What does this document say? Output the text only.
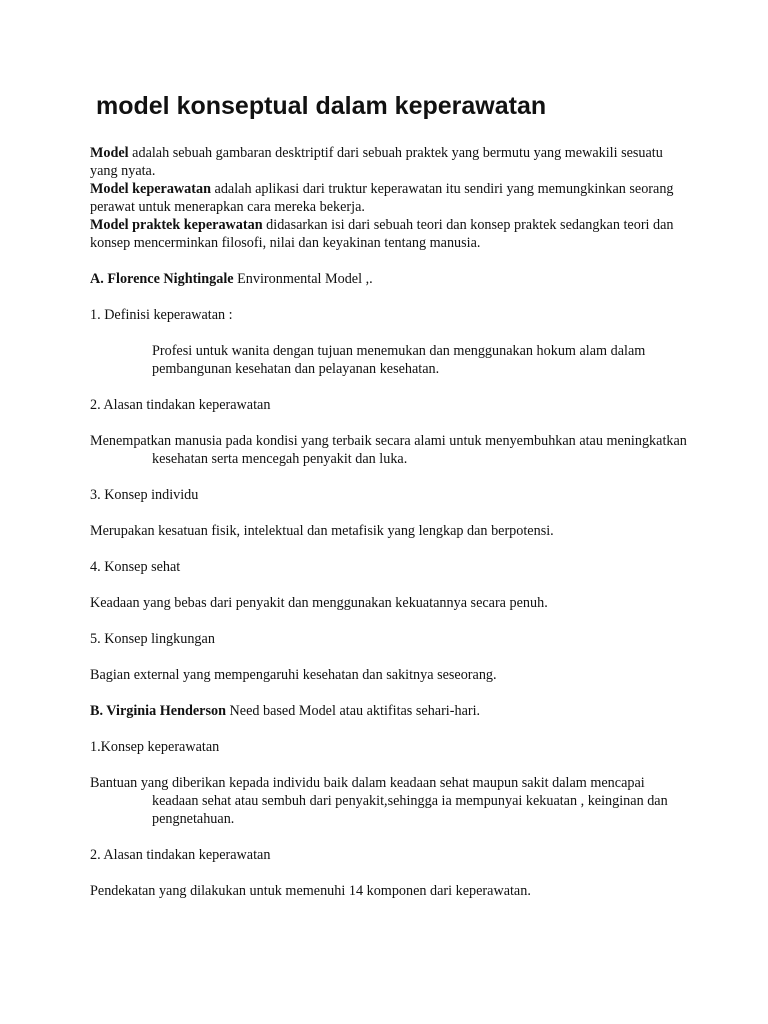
model konseptual dalam keperawatan

Model adalah sebuah gambaran desktriptif dari sebuah praktek yang bermutu yang mewakili sesuatu yang nyata.

Model keperawatan adalah aplikasi dari truktur keperawatan itu sendiri yang memungkinkan seorang perawat untuk menerapkan cara mereka bekerja.

Model praktek keperawatan didasarkan isi dari sebuah teori dan konsep praktek sedangkan teori dan konsep mencerminkan filosofi, nilai dan keyakinan tentang manusia.

A. Florence Nightingale Environmental Model ,.

1. Definisi keperawatan :

Profesi untuk wanita dengan tujuan menemukan dan menggunakan hokum alam dalam pembangunan kesehatan dan pelayanan kesehatan.

2. Alasan tindakan keperawatan

Menempatkan manusia pada kondisi yang terbaik secara alami untuk menyembuhkan atau meningkatkan kesehatan serta mencegah penyakit dan luka.

3. Konsep individu

Merupakan kesatuan fisik, intelektual dan metafisik yang lengkap dan berpotensi.

4. Konsep sehat

Keadaan yang bebas dari penyakit dan menggunakan kekuatannya secara penuh.

5. Konsep lingkungan

Bagian external yang mempengaruhi kesehatan dan sakitnya seseorang.

B. Virginia Henderson Need based Model atau aktifitas sehari-hari.

1.Konsep keperawatan

Bantuan yang diberikan kepada individu baik dalam keadaan sehat maupun sakit dalam mencapai keadaan sehat atau sembuh dari penyakit,sehingga ia mempunyai kekuatan , keinginan dan pengnetahuan.

2. Alasan tindakan keperawatan

Pendekatan yang dilakukan untuk memenuhi 14 komponen dari keperawatan.
